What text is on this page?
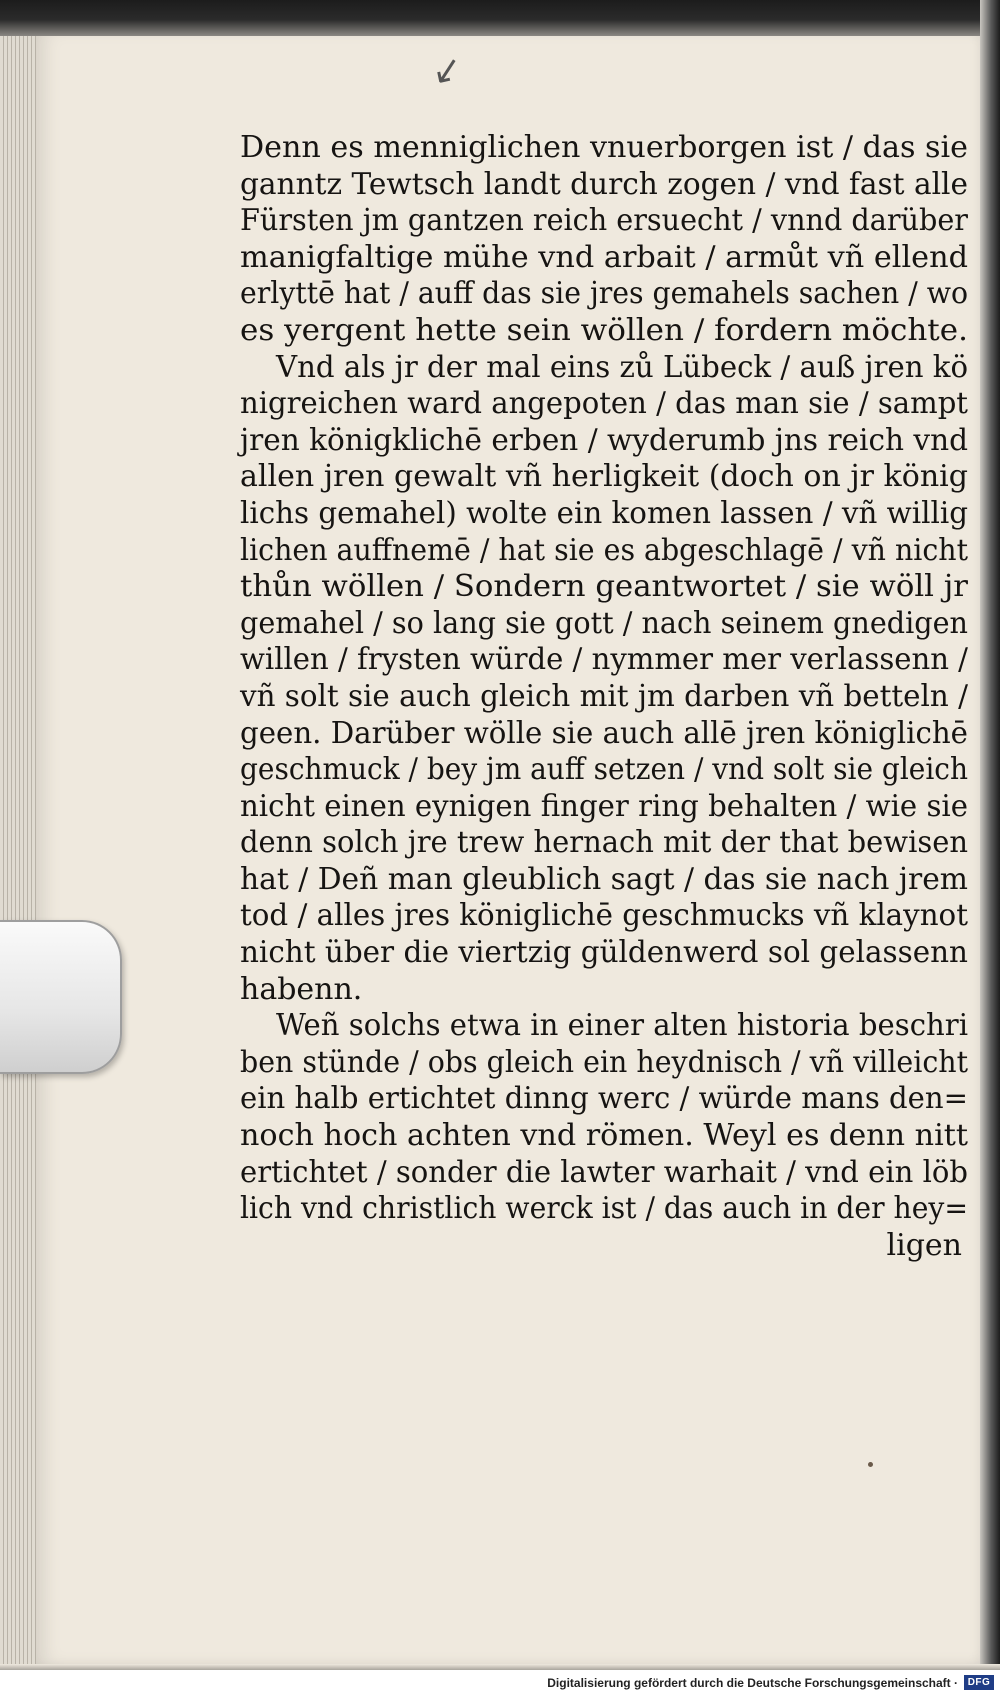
↙
Denn es menniglichen vnuerborgen ist / das sie
ganntz Tewtsch landt durch zogen / vnd fast alle
Fürsten jm gantzen reich ersuecht / vnnd darüber
manigfaltige mühe vnd arbait / armůt vñ ellend
erlyttē hat / auff das sie jres gemahels sachen / wo
es yergent hette sein wöllen / fordern möchte.
Vnd als jr der mal eins zů Lübeck / auß jren kö
nigreichen ward angepoten / das man sie / sampt
jren königklichē erben / wyderumb jns reich vnd
allen jren gewalt vñ herligkeit (doch on jr könig
lichs gemahel) wolte ein komen lassen / vñ willig
lichen auffnemē / hat sie es abgeschlagē / vñ nicht
thůn wöllen / Sondern geantwortet / sie wöll jr
gemahel / so lang sie gott / nach seinem gnedigen
willen / frysten würde / nymmer mer verlassenn /
vñ solt sie auch gleich mit jm darben vñ betteln /
geen. Darüber wölle sie auch allē jren königlichē
geschmuck / bey jm auff setzen / vnd solt sie gleich
nicht einen eynigen finger ring behalten / wie sie
denn solch jre trew hernach mit der that bewisen
hat / Deñ man gleublich sagt / das sie nach jrem
tod / alles jres königlichē geschmucks vñ klaynot
nicht über die viertzig güldenwerd sol gelassenn
habenn.
Weñ solchs etwa in einer alten historia beschri
ben stünde / obs gleich ein heydnisch / vñ villeicht
ein halb ertichtet dinng werc / würde mans den=
noch hoch achten vnd römen. Weyl es denn nitt
ertichtet / sonder die lawter warhait / vnd ein löb
lich vnd christlich werck ist / das auch in der hey=
ligen
Digitalisierung gefördert durch die Deutsche Forschungsgemeinschaft · DFG
